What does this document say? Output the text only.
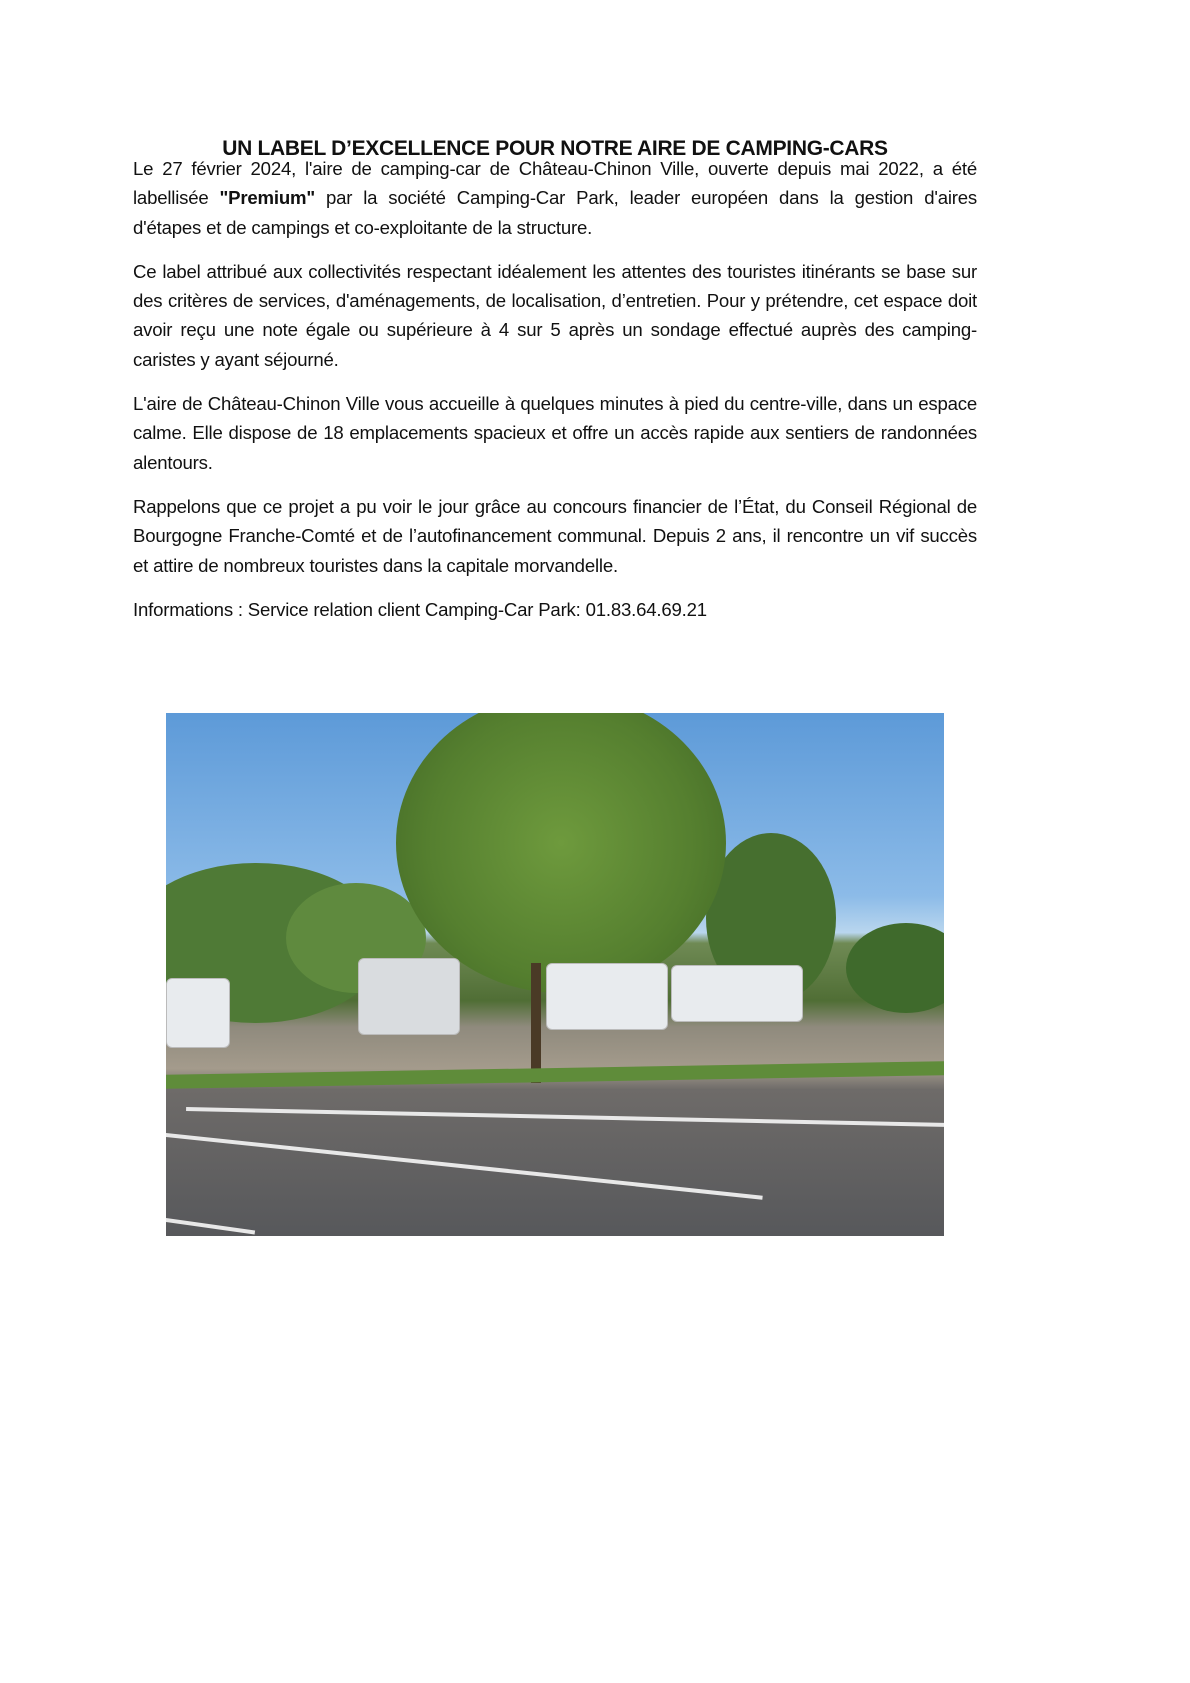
UN LABEL D’EXCELLENCE POUR NOTRE AIRE DE CAMPING-CARS

Le 27 février 2024, l'aire de camping-car de Château-Chinon Ville, ouverte depuis mai 2022, a été labellisée "Premium" par la société Camping-Car Park, leader européen dans la gestion d'aires d'étapes et de campings et co-exploitante de la structure.

Ce label attribué aux collectivités respectant idéalement les attentes des touristes itinérants se base sur des critères de services, d'aménagements, de localisation, d’entretien. Pour y prétendre, cet espace doit avoir reçu une note égale ou supérieure à 4 sur 5 après un sondage effectué auprès des camping-caristes y ayant séjourné.

L'aire de Château-Chinon Ville vous accueille à quelques minutes à pied du centre-ville, dans un espace calme. Elle dispose de 18 emplacements spacieux et offre un accès rapide aux sentiers de randonnées alentours.

Rappelons que ce projet a pu voir le jour grâce au concours financier de l’État, du Conseil Régional de Bourgogne Franche-Comté et de l’autofinancement communal. Depuis 2 ans, il rencontre un vif succès et attire de nombreux touristes dans la capitale morvandelle.

Informations : Service relation client Camping-Car Park: 01.83.64.69.21
